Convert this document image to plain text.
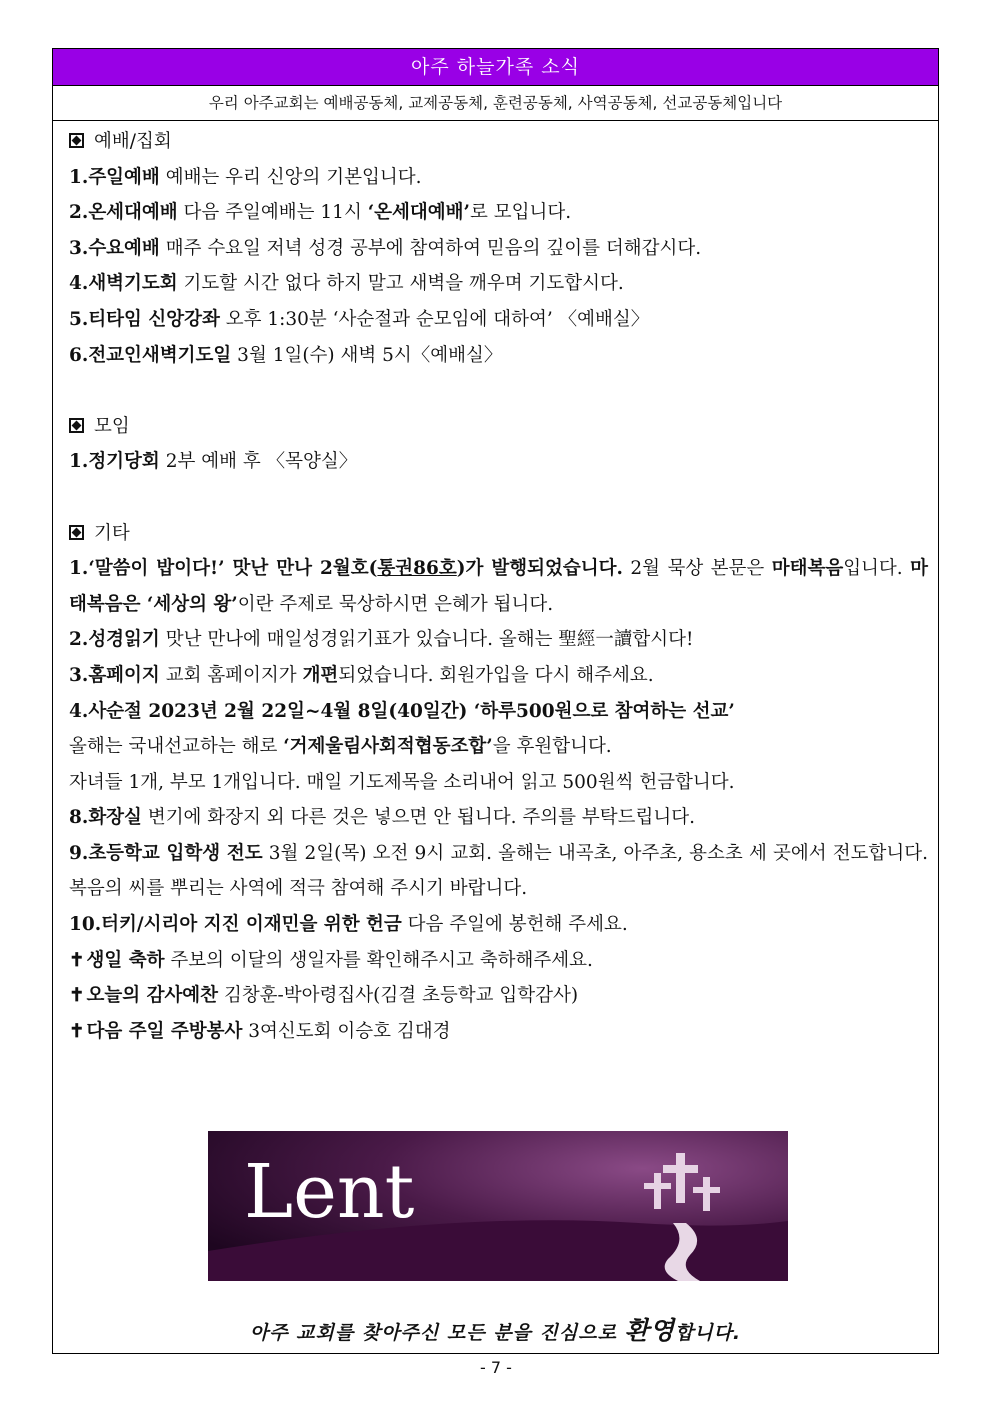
아주 하늘가족 소식
우리 아주교회는 예배공동체, 교제공동체, 훈련공동체, 사역공동체, 선교공동체입니다
예배/집회
1.주일예배 예배는 우리 신앙의 기본입니다.
2.온세대예배 다음 주일예배는 11시 ‘온세대예배’로 모입니다.
3.수요예배 매주 수요일 저녁 성경 공부에 참여하여 믿음의 깊이를 더해갑시다.
4.새벽기도회 기도할 시간 없다 하지 말고 새벽을 깨우며 기도합시다.
5.티타임 신앙강좌 오후 1:30분 ‘사순절과 순모임에 대하여’ 〈예배실〉
6.전교인새벽기도일 3월 1일(수) 새벽 5시〈예배실〉
모임
1.정기당회 2부 예배 후 〈목양실〉
기타
1.‘말씀이 밥이다!’ 맛난 만나 2월호(통권86호)가 발행되었습니다. 2월 묵상 본문은 마태복음입니다. 마태복음은 ‘세상의 왕’이란 주제로 묵상하시면 은혜가 됩니다.
2.성경읽기 맛난 만나에 매일성경읽기표가 있습니다. 올해는 聖經一讀합시다!
3.홈페이지 교회 홈페이지가 개편되었습니다. 회원가입을 다시 해주세요.
4.사순절 2023년 2월 22일~4월 8일(40일간) ‘하루500원으로 참여하는 선교’
올해는 국내선교하는 해로 ‘거제울림사회적협동조합’을 후원합니다.
자녀들 1개, 부모 1개입니다. 매일 기도제목을 소리내어 읽고 500원씩 헌금합니다.
8.화장실 변기에 화장지 외 다른 것은 넣으면 안 됩니다. 주의를 부탁드립니다.
9.초등학교 입학생 전도 3월 2일(목) 오전 9시 교회. 올해는 내곡초, 아주초, 용소초 세 곳에서 전도합니다. 복음의 씨를 뿌리는 사역에 적극 참여해 주시기 바랍니다.
10.터키/시리아 지진 이재민을 위한 헌금 다음 주일에 봉헌해 주세요.
✝ 생일 축하 주보의 이달의 생일자를 확인해주시고 축하해주세요.
✝ 오늘의 감사예찬 김창훈-박아령집사(김결 초등학교 입학감사)
✝ 다음 주일 주방봉사 3여신도회 이승호 김대경
Lent
아주 교회를 찾아주신 모든 분을 진심으로 환영합니다.
- 7 -
